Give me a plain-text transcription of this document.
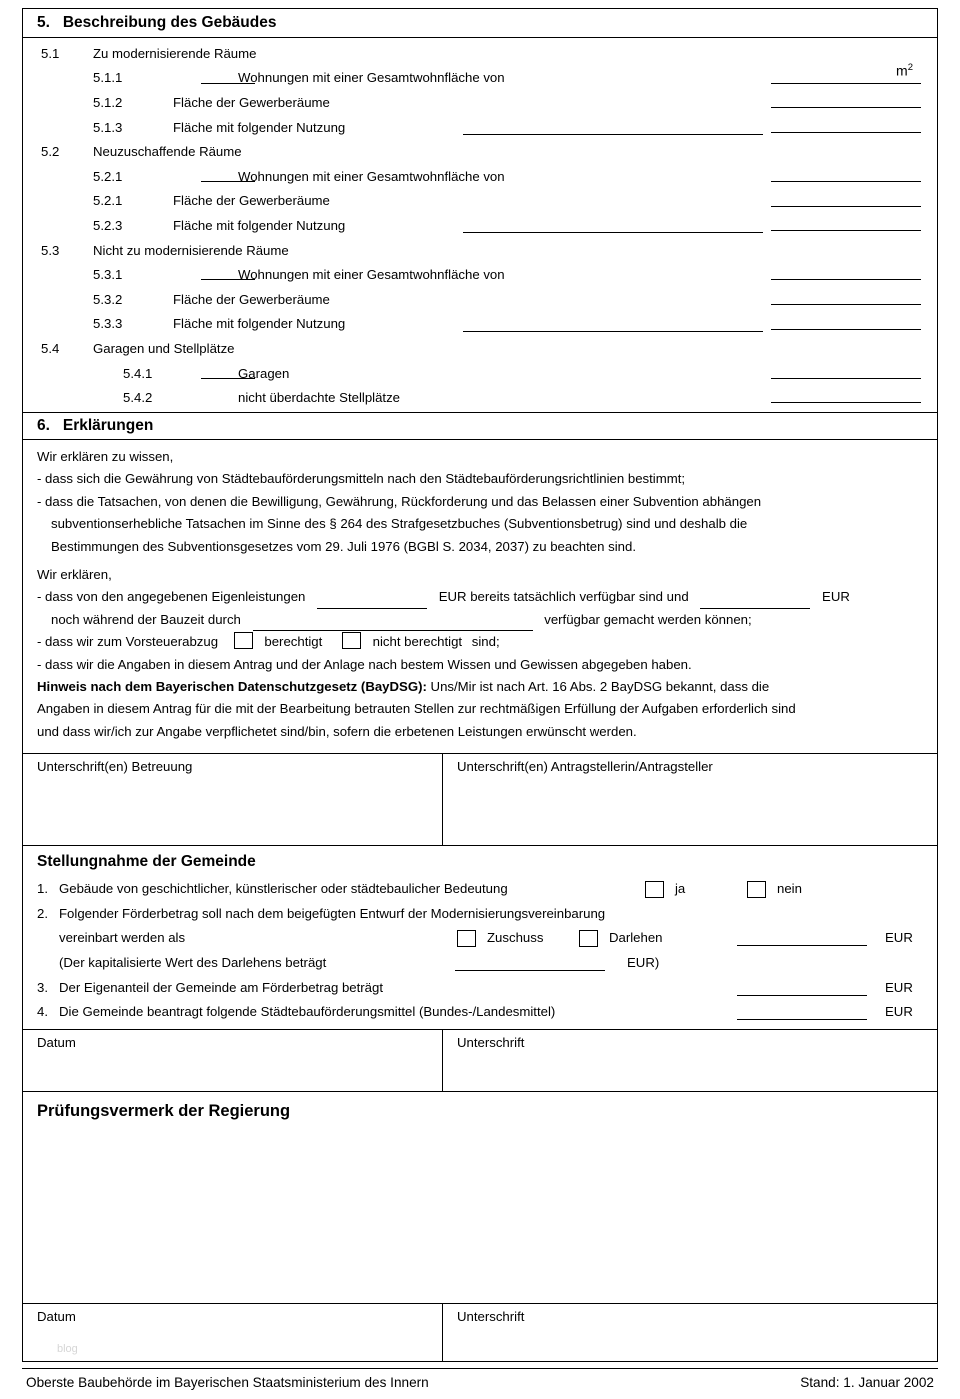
5. Beschreibung des Gebäudes
$m^2$
5.1	Zu modernisierende Räume
5.1.1	Wohnungen mit einer Gesamtwohnfläche von
5.1.2	Fläche der Gewerberäume
5.1.3	Fläche mit folgender Nutzung
5.2	Neuzuschaffende Räume
5.2.1	Wohnungen mit einer Gesamtwohnfläche von
5.2.1	Fläche der Gewerberäume
5.2.3	Fläche mit folgender Nutzung
5.3	Nicht zu modernisierende Räume
5.3.1	Wohnungen mit einer Gesamtwohnfläche von
5.3.2	Fläche der Gewerberäume
5.3.3	Fläche mit folgender Nutzung
5.4	Garagen und Stellplätze
5.4.1	Garagen
5.4.2	nicht überdachte Stellplätze
6. Erklärungen
Wir erklären zu wissen,
- dass sich die Gewährung von Städtebauförderungsmitteln nach den Städtebauförderungsrichtlinien bestimmt;
- dass die Tatsachen, von denen die Bewilligung, Gewährung, Rückforderung und das Belassen einer Subvention abhängen
subventionserhebliche Tatsachen im Sinne des § 264 des Strafgesetzbuches (Subventionsbetrug) sind und deshalb die
Bestimmungen des Subventionsgesetzes vom 29. Juli 1976 (BGBl S. 2034, 2037) zu beachten sind.
Wir erklären,
- dass von den angegebenen Eigenleistungen	EUR bereits tatsächlich verfügbar sind und	EUR
noch während der Bauzeit durch	verfügbar gemacht werden können;
- dass wir zum Vorsteuerabzug	berechtigt	nicht berechtigt sind;
- dass wir die Angaben in diesem Antrag und der Anlage nach bestem Wissen und Gewissen abgegeben haben.
Hinweis nach dem Bayerischen Datenschutzgesetz (BayDSG): Uns/Mir ist nach Art. 16 Abs. 2 BayDSG bekannt, dass die
Angaben in diesem Antrag für die mit der Bearbeitung betrauten Stellen zur rechtmäßigen Erfüllung der Aufgaben erforderlich sind
und dass wir/ich zur Angabe verpflichetet sind/bin, sofern die erbetenen Leistungen erwünscht werden.
Unterschrift(en) Betreuung	Unterschrift(en) Antragstellerin/Antragsteller
Stellungnahme der Gemeinde
1. Gebäude von geschichtlicher, künstlerischer oder städtebaulicher Bedeutung	ja	nein
2. Folgender Förderbetrag soll nach dem beigefügten Entwurf der Modernisierungsvereinbarung
vereinbart werden als	Zuschuss	Darlehen	EUR
(Der kapitalisierte Wert des Darlehens beträgt	EUR)
3. Der Eigenanteil der Gemeinde am Förderbetrag beträgt	EUR
4. Die Gemeinde beantragt folgende Städtebauförderungsmittel (Bundes-/Landesmittel)	EUR
Datum	Unterschrift
Prüfungsvermerk der Regierung
Datum
blog
Unterschrift
Oberste Baubehörde im Bayerischen Staatsministerium des Innern	Stand: 1. Januar 2002
